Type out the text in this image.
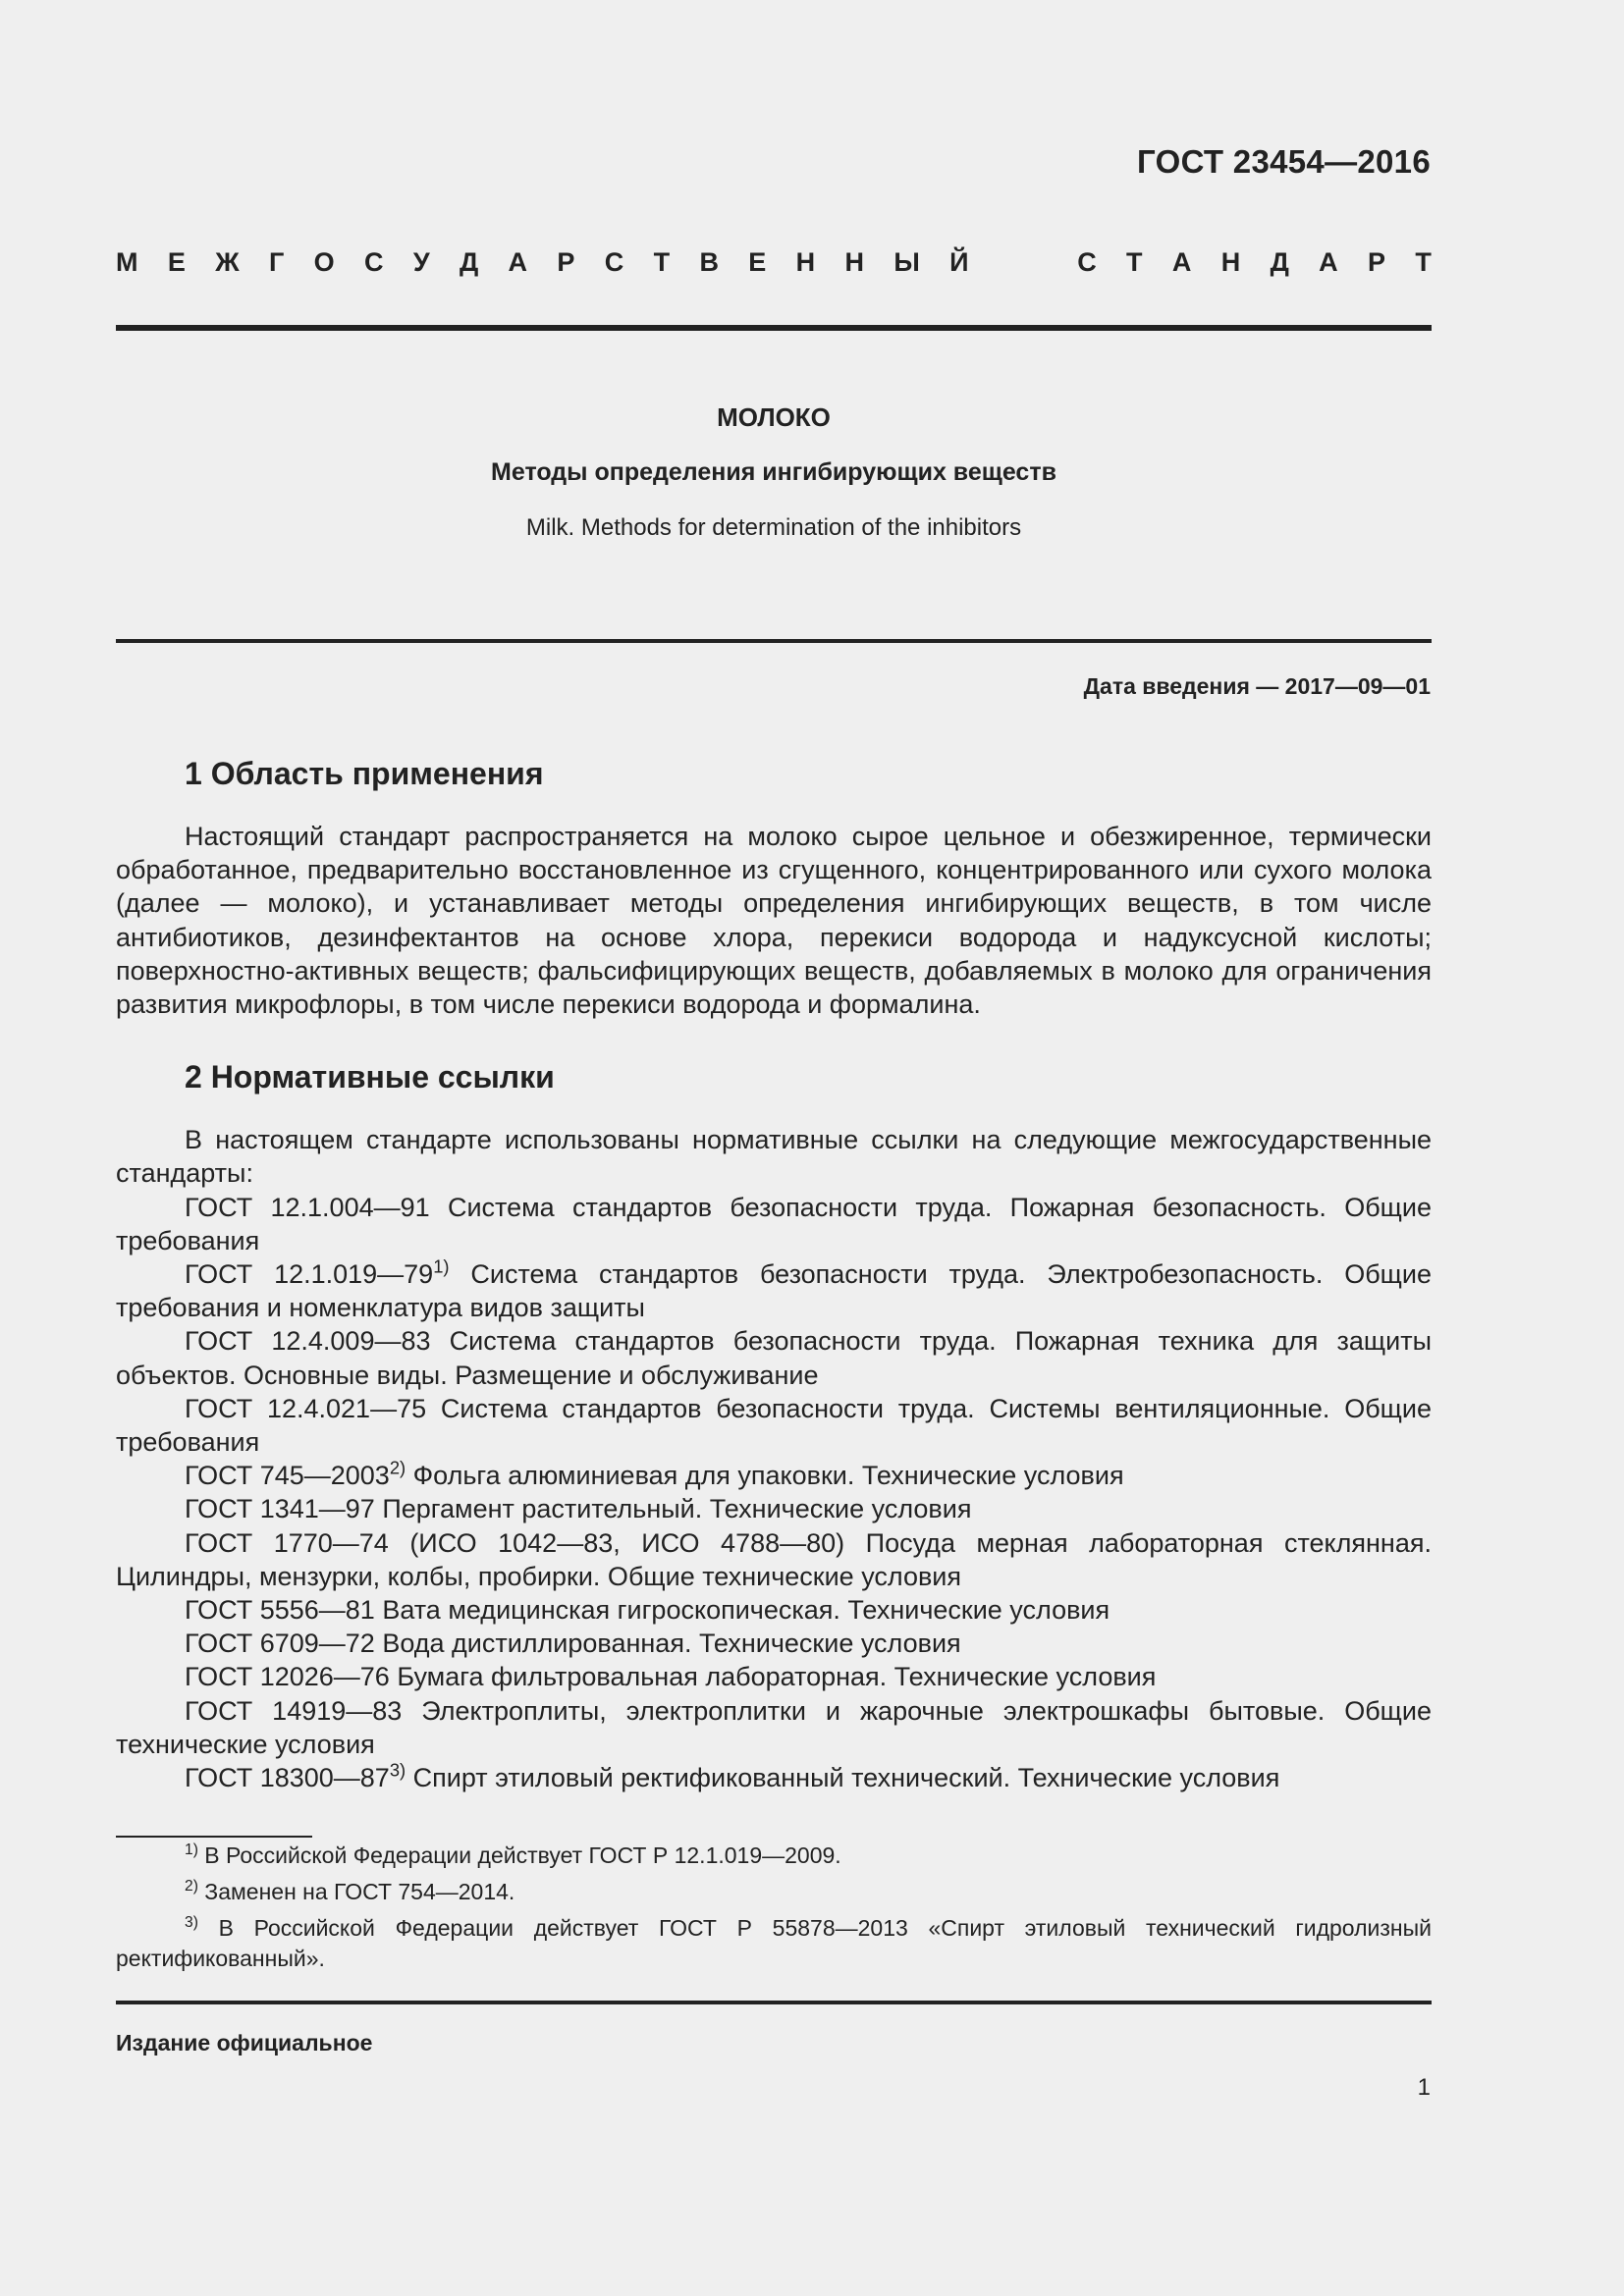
ГОСТ 23454—2016
М Е Ж Г О С У Д А Р С Т В Е Н Н Ы Й	С Т А Н Д А Р Т
МОЛОКО
Методы определения ингибирующих веществ
Milk. Methods for determination of the inhibitors
Дата введения — 2017—09—01
1 Область применения

Настоящий стандарт распространяется на молоко сырое цельное и обезжиренное, термически обработанное, предварительно восстановленное из сгущенного, концентрированного или сухого молока (далее — молоко), и устанавливает методы определения ингибирующих веществ, в том числе антибиотиков, дезинфектантов на основе хлора, перекиси водорода и надуксусной кислоты; поверхностно-активных веществ; фальсифицирующих веществ, добавляемых в молоко для ограничения развития микрофлоры, в том числе перекиси водорода и формалина.

2 Нормативные ссылки

В настоящем стандарте использованы нормативные ссылки на следующие межгосударственные стандарты:

ГОСТ 12.1.004—91 Система стандартов безопасности труда. Пожарная безопасность. Общие требования
ГОСТ 12.1.019—79$^{1)}$ Система стандартов безопасности труда. Электробезопасность. Общие требования и номенклатура видов защиты
ГОСТ 12.4.009—83 Система стандартов безопасности труда. Пожарная техника для защиты объектов. Основные виды. Размещение и обслуживание
ГОСТ 12.4.021—75 Система стандартов безопасности труда. Системы вентиляционные. Общие требования
ГОСТ 745—2003$^{2)}$ Фольга алюминиевая для упаковки. Технические условия
ГОСТ 1341—97 Пергамент растительный. Технические условия
ГОСТ 1770—74 (ИСО 1042—83, ИСО 4788—80) Посуда мерная лабораторная стеклянная. Цилиндры, мензурки, колбы, пробирки. Общие технические условия
ГОСТ 5556—81 Вата медицинская гигроскопическая. Технические условия
ГОСТ 6709—72 Вода дистиллированная. Технические условия
ГОСТ 12026—76 Бумага фильтровальная лабораторная. Технические условия
ГОСТ 14919—83 Электроплиты, электроплитки и жарочные электрошкафы бытовые. Общие технические условия
ГОСТ 18300—87$^{3)}$ Спирт этиловый ректификованный технический. Технические условия

$^{1)}$ В Российской Федерации действует ГОСТ Р 12.1.019—2009.

$^{2)}$ Заменен на ГОСТ 754—2014.

$^{3)}$ В Российской Федерации действует ГОСТ Р 55878—2013 «Спирт этиловый технический гидролизный ректификованный».

Издание официальное
1
